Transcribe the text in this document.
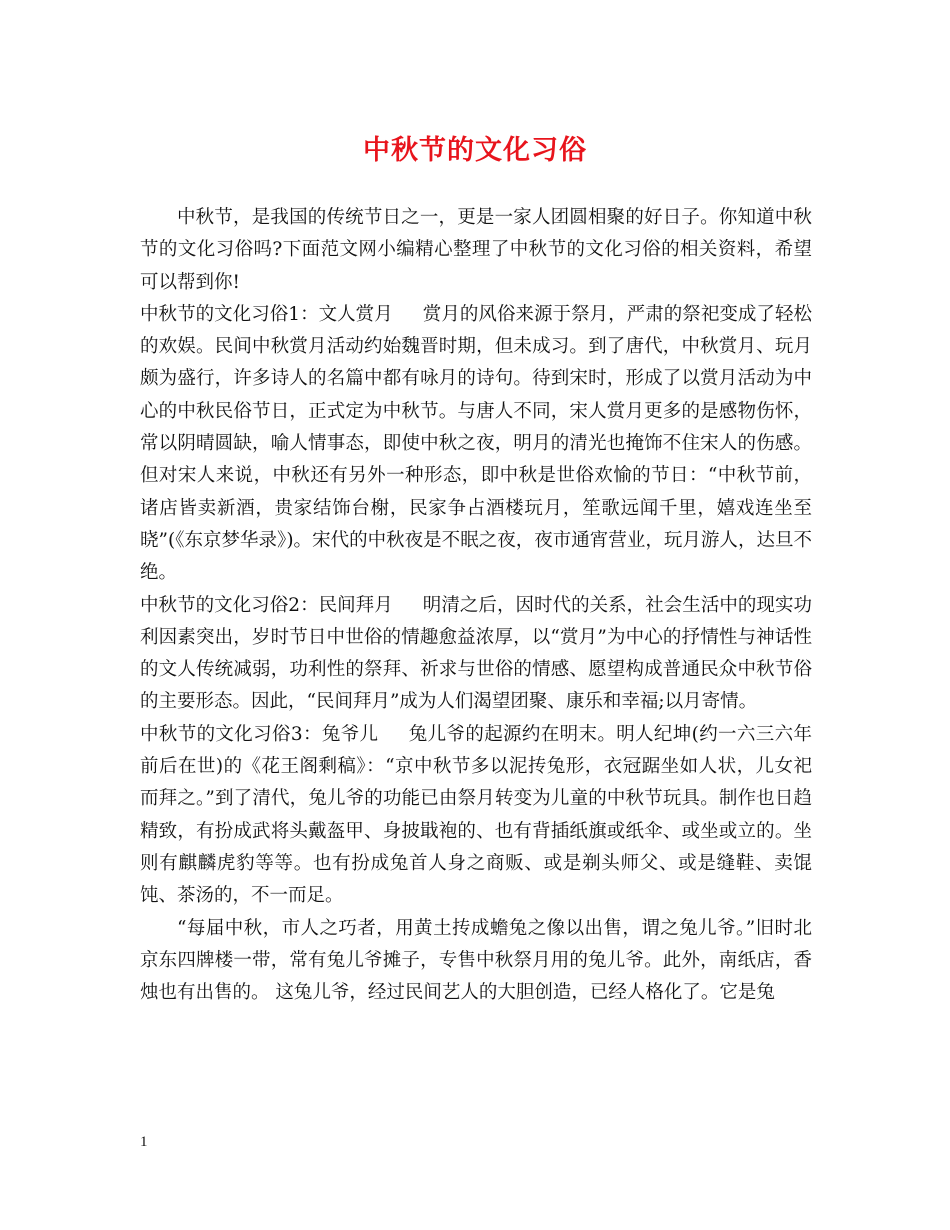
中秋节的文化习俗

中秋节，是我国的传统节日之一，更是一家人团圆相聚的好日子。你知道中秋节的文化习俗吗?下面范文网小编精心整理了中秋节的文化习俗的相关资料，希望可以帮到你!

中秋节的文化习俗1：文人赏月 赏月的风俗来源于祭月，严肃的祭祀变成了轻松的欢娱。民间中秋赏月活动约始魏晋时期，但未成习。到了唐代，中秋赏月、玩月颇为盛行，许多诗人的名篇中都有咏月的诗句。待到宋时，形成了以赏月活动为中心的中秋民俗节日，正式定为中秋节。与唐人不同，宋人赏月更多的是感物伤怀，常以阴晴圆缺，喻人情事态，即使中秋之夜，明月的清光也掩饰不住宋人的伤感。但对宋人来说，中秋还有另外一种形态，即中秋是世俗欢愉的节日：“中秋节前，诸店皆卖新酒，贵家结饰台榭，民家争占酒楼玩月，笙歌远闻千里，嬉戏连坐至晓”(《东京梦华录》)。宋代的中秋夜是不眠之夜，夜市通宵营业，玩月游人，达旦不绝。

中秋节的文化习俗2：民间拜月 明清之后，因时代的关系，社会生活中的现实功利因素突出，岁时节日中世俗的情趣愈益浓厚，以“赏月”为中心的抒情性与神话性的文人传统减弱，功利性的祭拜、祈求与世俗的情感、愿望构成普通民众中秋节俗的主要形态。因此，“民间拜月”成为人们渴望团聚、康乐和幸福;以月寄情。

中秋节的文化习俗3：兔爷儿 兔儿爷的起源约在明末。明人纪坤(约一六三六年前后在世)的《花王阁剩稿》：“京中秋节多以泥抟兔形，衣冠踞坐如人状，儿女祀而拜之。”到了清代，兔儿爷的功能已由祭月转变为儿童的中秋节玩具。制作也日趋精致，有扮成武将头戴盔甲、身披戢袍的、也有背插纸旗或纸伞、或坐或立的。坐则有麒麟虎豹等等。也有扮成兔首人身之商贩、或是剃头师父、或是缝鞋、卖馄饨、茶汤的，不一而足。

“每届中秋，市人之巧者，用黄土抟成蟾兔之像以出售，谓之兔儿爷。”旧时北京东四牌楼一带，常有兔儿爷摊子，专售中秋祭月用的兔儿爷。此外，南纸店，香烛也有出售的。 这兔儿爷，经过民间艺人的大胆创造，已经人格化了。它是兔

1
